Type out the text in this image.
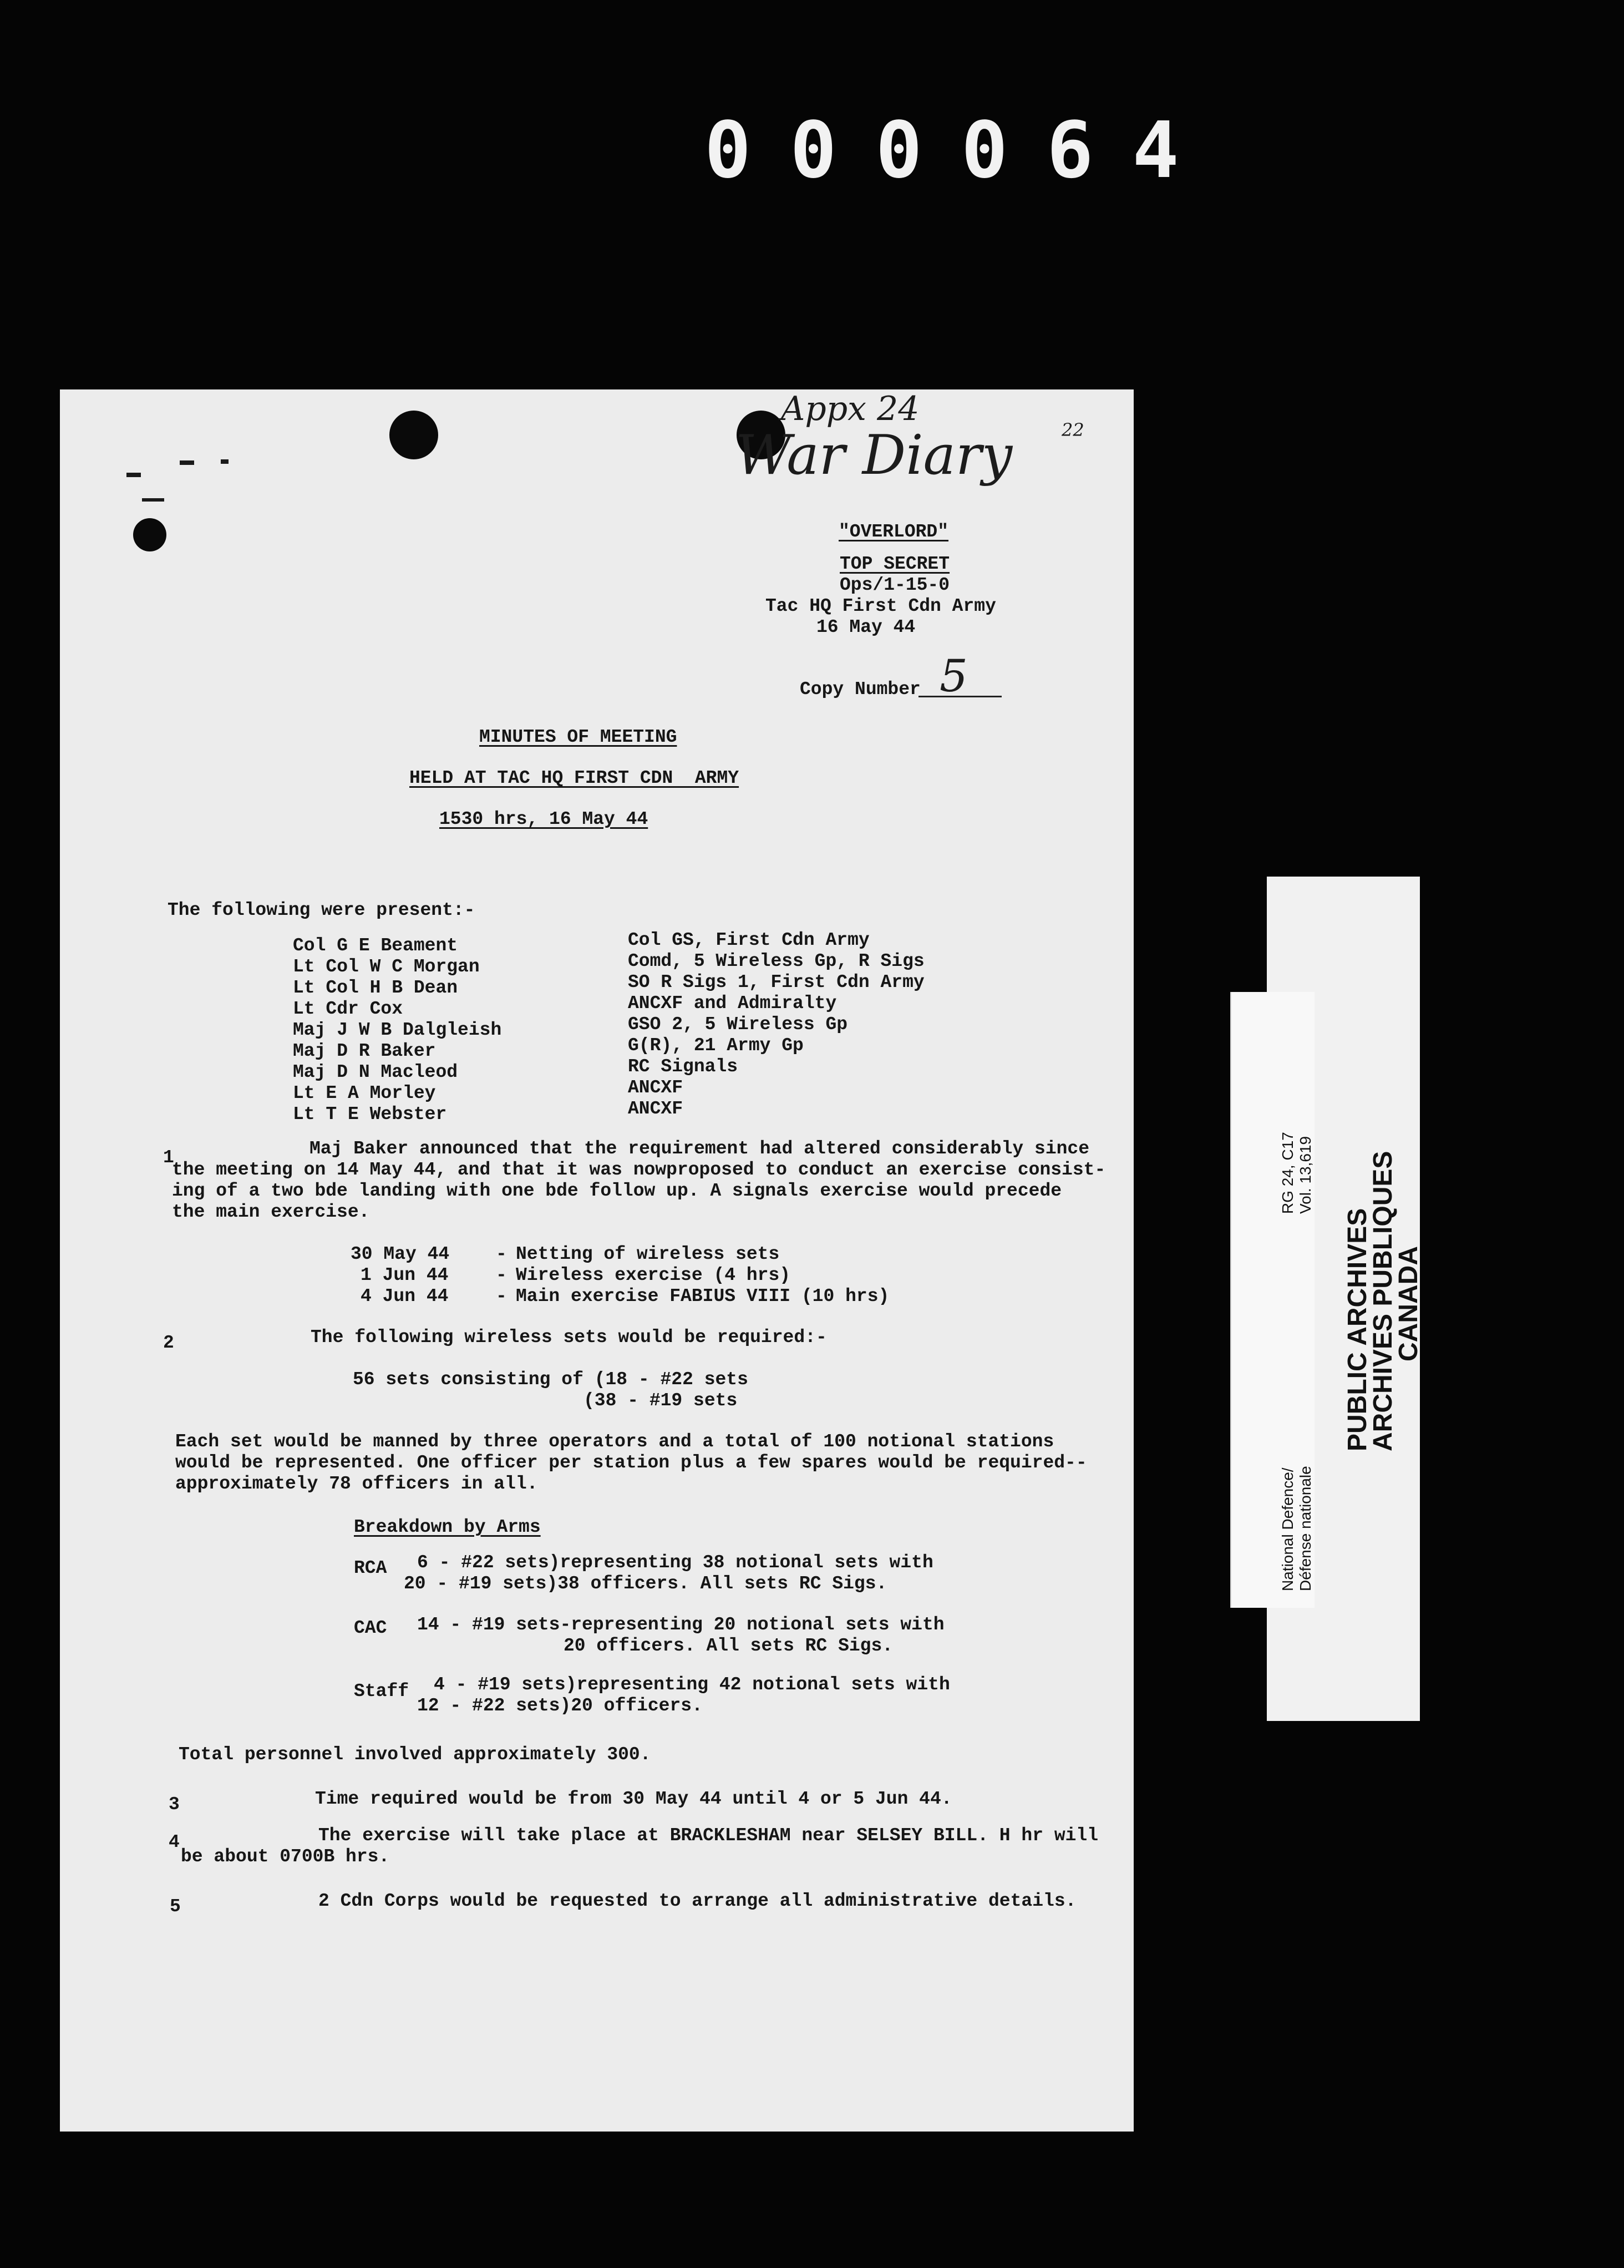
000064
Appx 24
War Diary	22
"OVERLORD"
TOP SECRET
Ops/1-15-0
Tac HQ First Cdn Army
16 May 44
Copy Number 5
MINUTES OF MEETING
HELD AT TAC HQ FIRST CDN  ARMY
1530 hrs, 16 May 44
The following were present:-
Col G E Beament	Col GS, First Cdn Army
Lt Col W C Morgan	Comd, 5 Wireless Gp, R Sigs
Lt Col H B Dean	SO R Sigs 1, First Cdn Army
Lt Cdr Cox	ANCXF and Admiralty
Maj J W B Dalgleish	GSO 2, 5 Wireless Gp
Maj D R Baker	G(R), 21 Army Gp
Maj D N Macleod	RC Signals
Lt E A Morley	ANCXF
Lt T E Webster	ANCXF
1	Maj Baker announced that the requirement had altered considerably since
the meeting on 14 May 44, and that it was nowproposed to conduct an exercise consist-
ing of a two bde landing with one bde follow up. A signals exercise would precede
the main exercise.
30 May 44	- Netting of wireless sets
1 Jun 44	- Wireless exercise (4 hrs)
4 Jun 44	- Main exercise FABIUS VIII (10 hrs)
2	The following wireless sets would be required:-
56 sets consisting of (18 - #22 sets
(38 - #19 sets
Each set would be manned by three operators and a total of 100 notional stations
would be represented. One officer per station plus a few spares would be required--
approximately 78 officers in all.
Breakdown by Arms
RCA 6 - #22 sets)representing 38 notional sets with
20 - #19 sets)38 officers. All sets RC Sigs.
CAC 14 - #19 sets-representing 20 notional sets with
20 officers. All sets RC Sigs.
Staff 4 - #19 sets)representing 42 notional sets with
12 - #22 sets)20 officers.
Total personnel involved approximately 300.
3	Time required would be from 30 May 44 until 4 or 5 Jun 44.
4	The exercise will take place at BRACKLESHAM near SELSEY BILL. H hr will
be about 0700B hrs.
5	2 Cdn Corps would be requested to arrange all administrative details.
RG 24, C17 Vol. 13,619
National Defence/ Défense nationale
PUBLIC ARCHIVES
ARCHIVES PUBLIQUES
CANADA
